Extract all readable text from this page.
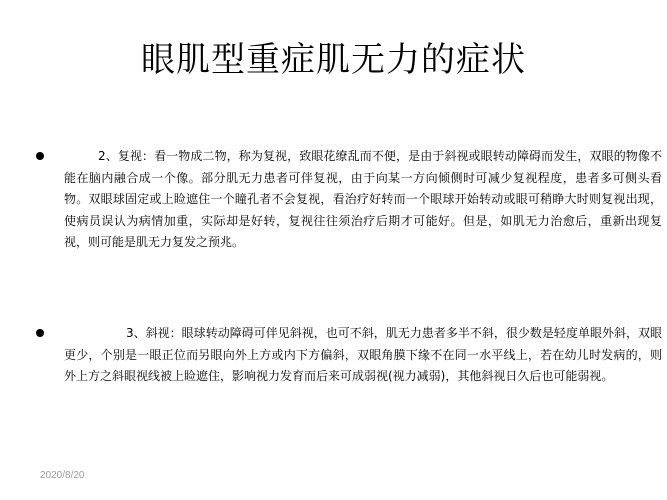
眼肌型重症肌无力的症状

2、复视：看一物成二物，称为复视，致眼花缭乱而不便，是由于斜视或眼转动障碍而发生，双眼的物像不能在脑内融合成一个像。部分肌无力患者可伴复视，由于向某一方向倾侧时可减少复视程度，患者多可侧头看物。双眼球固定或上睑遮住一个瞳孔者不会复视，看治疗好转而一个眼球开始转动或眼可稍睁大时则复视出现，使病员误认为病情加重，实际却是好转，复视往往须治疗后期才可能好。但是，如肌无力治愈后，重新出现复视，则可能是肌无力复发之预兆。

3、斜视：眼球转动障碍可伴见斜视，也可不斜，肌无力患者多半不斜，很少数是轻度单眼外斜，双眼更少，个别是一眼正位而另眼向外上方或内下方偏斜，双眼角膜下缘不在同一水平线上，若在幼儿时发病的，则外上方之斜眼视线被上睑遮住，影响视力发育而后来可成弱视(视力减弱)，其他斜视日久后也可能弱视。

2020/8/20
